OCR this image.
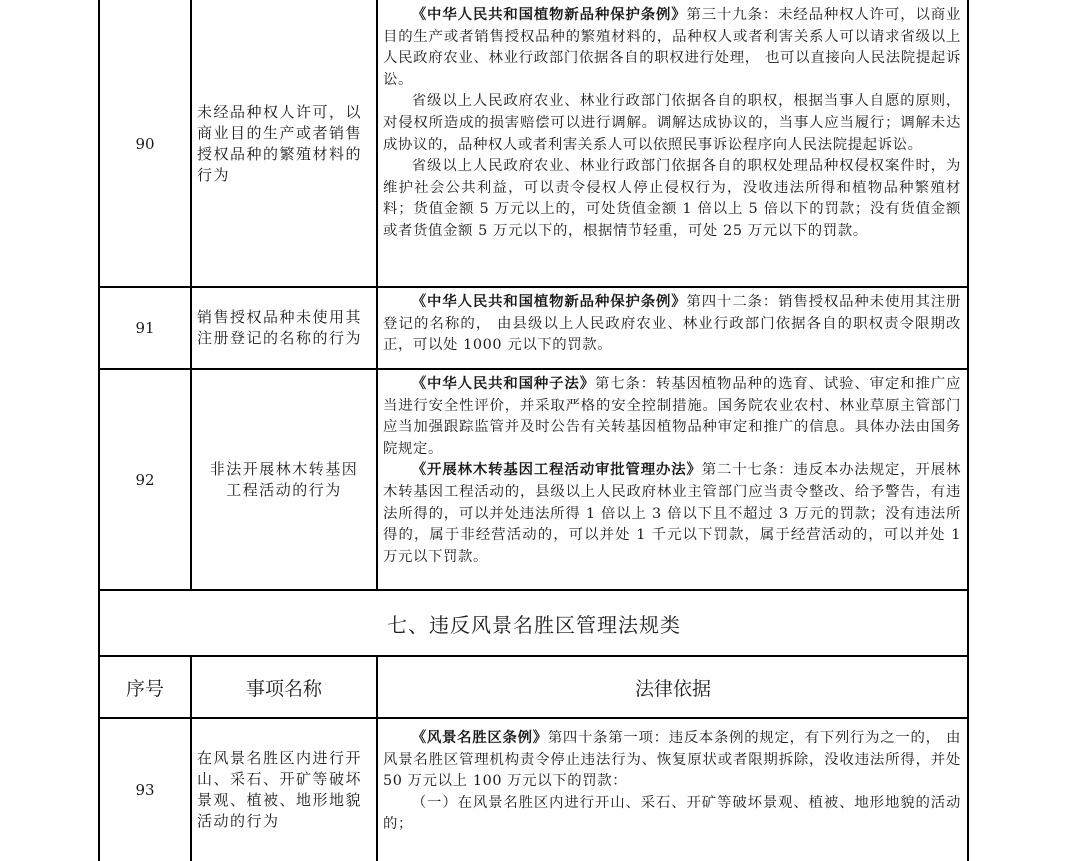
90
未经品种权人许可，以商业目的生产或者销售授权品种的繁殖材料的行为

《中华人民共和国植物新品种保护条例》第三十九条：未经品种权人许可，以商业目的生产或者销售授权品种的繁殖材料的，品种权人或者利害关系人可以请求省级以上人民政府农业、林业行政部门依据各自的职权进行处理， 也可以直接向人民法院提起诉讼。

省级以上人民政府农业、林业行政部门依据各自的职权，根据当事人自愿的原则，对侵权所造成的损害赔偿可以进行调解。调解达成协议的，当事人应当履行；调解未达成协议的，品种权人或者利害关系人可以依照民事诉讼程序向人民法院提起诉讼。

省级以上人民政府农业、林业行政部门依据各自的职权处理品种权侵权案件时，为维护社会公共利益，可以责令侵权人停止侵权行为，没收违法所得和植物品种繁殖材料；货值金额 5 万元以上的，可处货值金额 1 倍以上 5 倍以下的罚款；没有货值金额或者货值金额 5 万元以下的，根据情节轻重，可处 25 万元以下的罚款。

91
销售授权品种未使用其注册登记的名称的行为

《中华人民共和国植物新品种保护条例》第四十二条：销售授权品种未使用其注册登记的名称的， 由县级以上人民政府农业、林业行政部门依据各自的职权责令限期改正，可以处 1000 元以下的罚款。

92
非法开展林木转基因工程活动的行为

《中华人民共和国种子法》第七条：转基因植物品种的选育、试验、审定和推广应当进行安全性评价，并采取严格的安全控制措施。国务院农业农村、林业草原主管部门应当加强跟踪监管并及时公告有关转基因植物品种审定和推广的信息。具体办法由国务院规定。

《开展林木转基因工程活动审批管理办法》第二十七条：违反本办法规定，开展林木转基因工程活动的，县级以上人民政府林业主管部门应当责令整改、给予警告，有违法所得的，可以并处违法所得 1 倍以上 3 倍以下且不超过 3 万元的罚款；没有违法所得的，属于非经营活动的，可以并处 1 千元以下罚款，属于经营活动的，可以并处 1 万元以下罚款。

七、违反风景名胜区管理法规类
序号	事项名称	法律依据
93
在风景名胜区内进行开山、采石、开矿等破坏景观、植被、地形地貌活动的行为

《风景名胜区条例》第四十条第一项：违反本条例的规定，有下列行为之一的， 由风景名胜区管理机构责令停止违法行为、恢复原状或者限期拆除，没收违法所得，并处 50 万元以上 100 万元以下的罚款：

（一）在风景名胜区内进行开山、采石、开矿等破坏景观、植被、地形地貌的活动的；
